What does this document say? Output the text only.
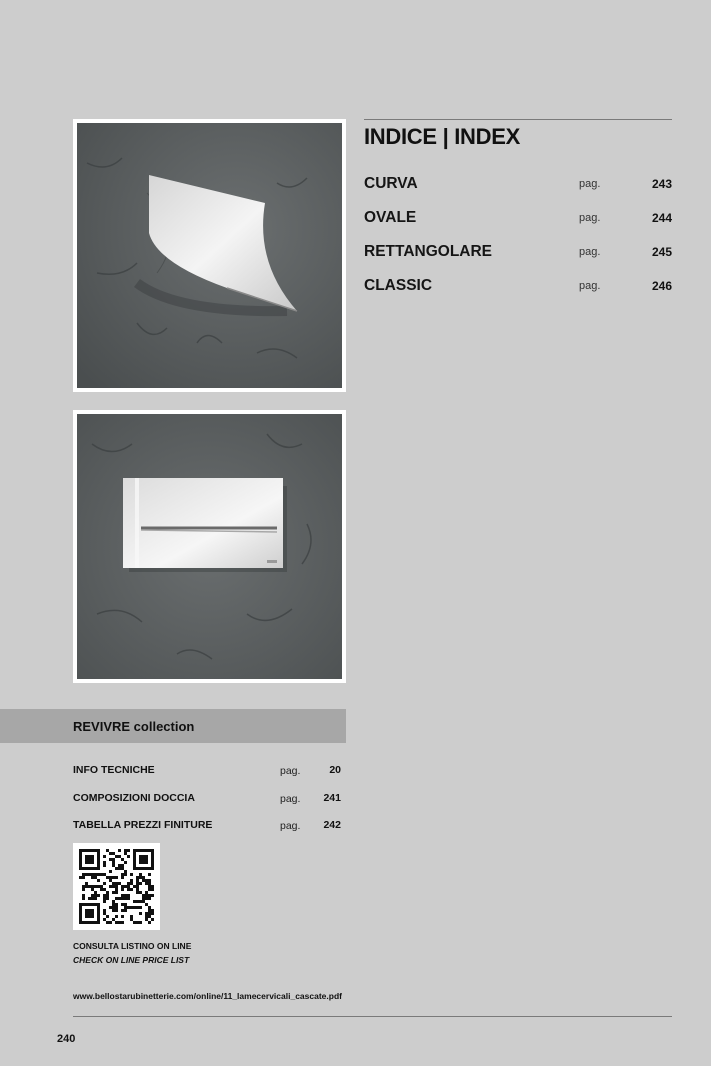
INDICE | INDEX
CURVA	pag.	243
OVALE	pag.	244
RETTANGOLARE	pag.	245
CLASSIC	pag.	246
REVIVRE collection
INFO TECNICHE	pag.	20
COMPOSIZIONI DOCCIA	pag. 241
TABELLA PREZZI FINITURE	pag. 242
CONSULTA LISTINO ON LINE
CHECK ON LINE PRICE LIST
www.bellostarubinetterie.com/online/11_lamecervicali_cascate.pdf
240
